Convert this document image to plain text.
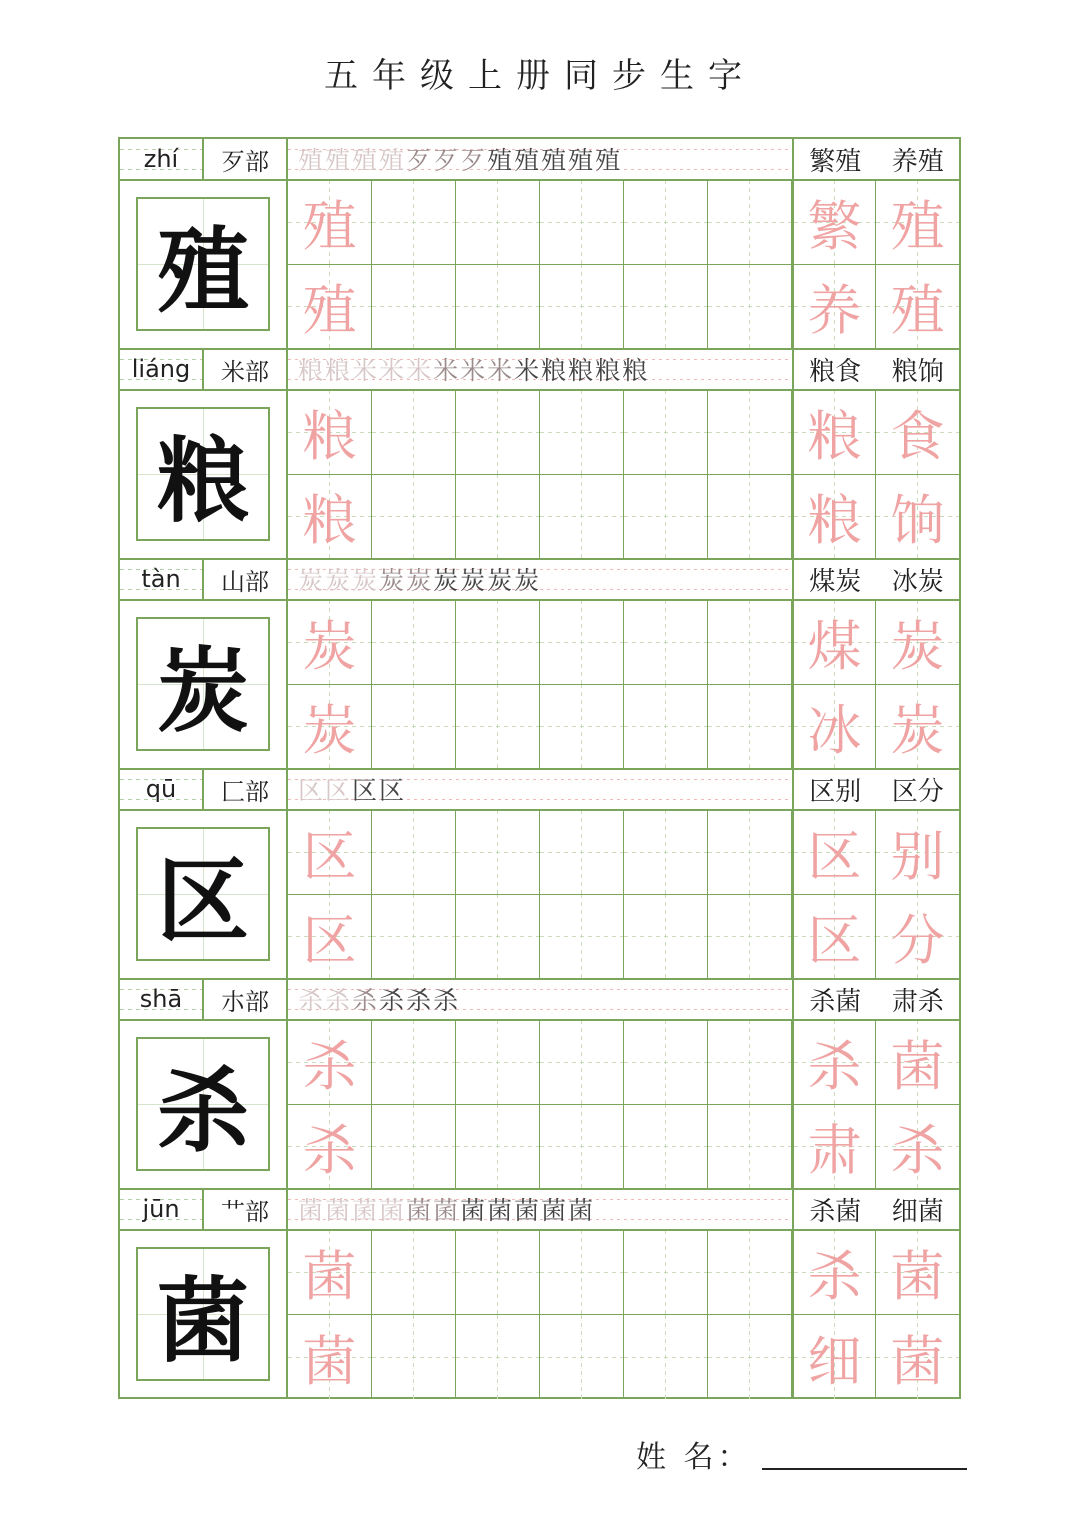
五年级上册同步生字
zhí	歹部	殖 殖 殖 殖 歹 歹 歹 殖 殖 殖 殖 殖	繁殖 养殖
殖 殖	繁 殖
殖	养 殖
liáng	米部	粮 粮 米 米 米 米 米 米 米 粮 粮 粮 粮	粮食 粮饷
粮 粮	粮 食
粮	粮 饷
tàn	山部	炭 炭 炭 炭 炭 炭 炭 炭 炭	煤炭 冰炭
炭 炭	煤 炭
炭	冰 炭
qū	匚部	区 区 区 区	区别 区分
区 区	区 别
区	区 分
shā	朩部	杀 杀 杀 杀 杀 杀	杀菌 肃杀
杀 杀	杀 菌
杀	肃 杀
jūn	艹部	菌 菌 菌 菌 菌 菌 菌 菌 菌 菌 菌	杀菌 细菌
菌 菌	杀 菌
菌	细 菌
姓 名：
